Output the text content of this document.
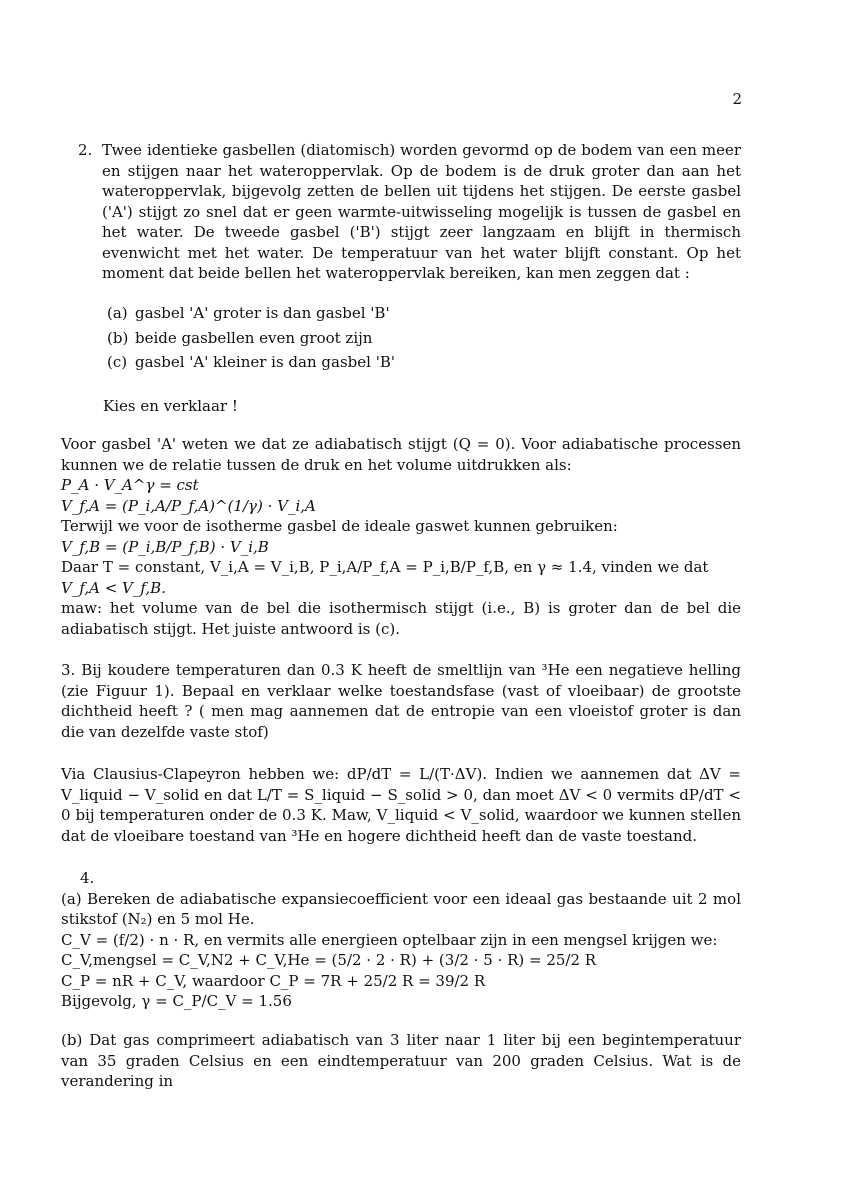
2
2. Twee identieke gasbellen (diatomisch) worden gevormd op de bodem van een meer en stijgen naar het wateroppervlak. Op de bodem is de druk groter dan aan het wateroppervlak, bijgevolg zetten de bellen uit tijdens het stijgen. De eerste gasbel ('A') stijgt zo snel dat er geen warmte-uitwisseling mogelijk is tussen de gasbel en het water. De tweede gasbel ('B') stijgt zeer langzaam en blijft in thermisch evenwicht met het water. De temperatuur van het water blijft constant. Op het moment dat beide bellen het wateroppervlak bereiken, kan men zeggen dat :
(a) gasbel 'A' groter is dan gasbel 'B'
(b) beide gasbellen even groot zijn
(c) gasbel 'A' kleiner is dan gasbel 'B'
Kies en verklaar !
Voor gasbel 'A' weten we dat ze adiabatisch stijgt (Q = 0). Voor adiabatische processen kunnen we de relatie tussen de druk en het volume uitdrukken als:
P_A · V_A^γ = cst
V_f,A = (P_i,A/P_f,A)^(1/γ) · V_i,A
Terwijl we voor de isotherme gasbel de ideale gaswet kunnen gebruiken:
V_f,B = (P_i,B/P_f,B) · V_i,B
Daar T = constant, V_i,A = V_i,B, P_i,A/P_f,A = P_i,B/P_f,B, en γ ≈ 1.4, vinden we dat
V_f,A < V_f,B.
maw: het volume van de bel die isothermisch stijgt (i.e., B) is groter dan de bel die adiabatisch stijgt. Het juiste antwoord is (c).
3. Bij koudere temperaturen dan 0.3 K heeft de smeltlijn van ³He een negatieve helling (zie Figuur 1). Bepaal en verklaar welke toestandsfase (vast of vloeibaar) de grootste dichtheid heeft ? ( men mag aannemen dat de entropie van een vloeistof groter is dan die van dezelfde vaste stof)
Via Clausius-Clapeyron hebben we: dP/dT = L/(T·ΔV). Indien we aannemen dat ΔV = V_liquid − V_solid en dat L/T = S_liquid − S_solid > 0, dan moet ΔV < 0 vermits dP/dT < 0 bij temperaturen onder de 0.3 K. Maw, V_liquid < V_solid, waardoor we kunnen stellen dat de vloeibare toestand van ³He en hogere dichtheid heeft dan de vaste toestand.
4.
(a) Bereken de adiabatische expansiecoefficient voor een ideaal gas bestaande uit 2 mol stikstof (N₂) en 5 mol He.
C_V = (f/2) · n · R, en vermits alle energieen optelbaar zijn in een mengsel krijgen we:
C_V,mengsel = C_V,N2 + C_V,He = (5/2 · 2 · R) + (3/2 · 5 · R) = 25/2 R
C_P = nR + C_V, waardoor C_P = 7R + 25/2 R = 39/2 R
Bijgevolg, γ = C_P/C_V = 1.56
(b) Dat gas comprimeert adiabatisch van 3 liter naar 1 liter bij een begintemperatuur van 35 graden Celsius en een eindtemperatuur van 200 graden Celsius. Wat is de verandering in
